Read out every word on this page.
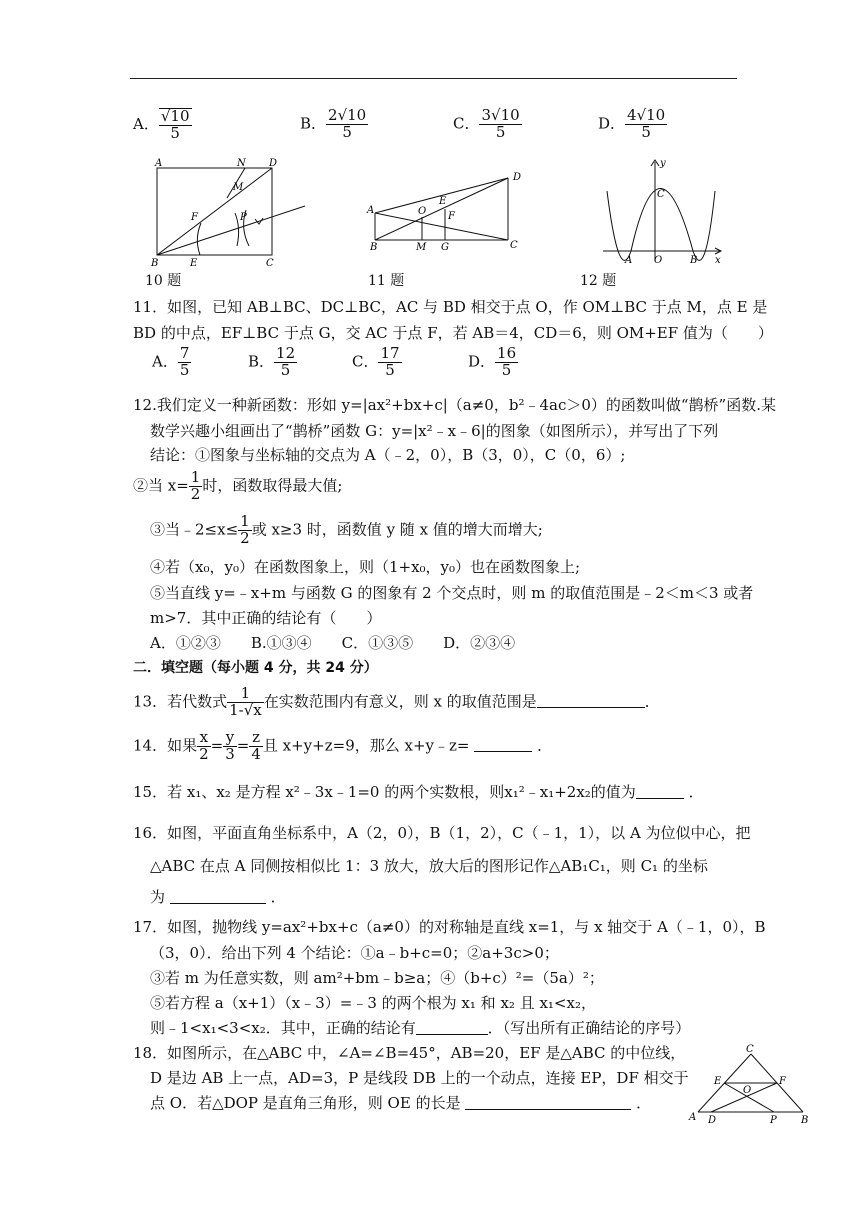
A． $\frac{√10}{5}$	B． $\frac{2√10}{5}$	C． $\frac{3√10}{5}$	D． $\frac{4√10}{5}$
A	N D
M
F	P
B	E	C
10 题
A
D
E
O F
B	M G	C
11 题
y
C
A O	B x
12 题
11．如图，已知 AB⊥BC、DC⊥BC，AC 与 BD 相交于点 O，作 OM⊥BC 于点 M，点 E 是
BD 的中点，EF⊥BC 于点 G，交 AC 于点 F，若 AB＝4，CD＝6，则 OM+EF 值为（　　）
A． $\frac{7}{5}$	B． $\frac{12}{5}$	C． $\frac{17}{5}$	D． $\frac{16}{5}$
12.我们定义一种新函数：形如 y=|ax²+bx+c|（a≠0，b²﹣4ac＞0）的函数叫做“鹊桥”函数.某
数学兴趣小组画出了“鹊桥”函数 G：y=|x²﹣x﹣6|的图象（如图所示），并写出了下列
结论：①图象与坐标轴的交点为 A（﹣2，0），B（3，0），C（0，6）;
②当 $x= \frac{1}{2}$ 时，函数取得最大值;
③当﹣2≤x≤ $\frac{1}{2}$ 或 x≥3 时，函数值 y 随 x 值的增大而增大;
④若（x₀，y₀）在函数图象上，则（1+x₀，y₀）也在函数图象上;
⑤当直线 y=﹣x+m 与函数 G 的图象有 2 个交点时，则 m 的取值范围是﹣2＜m＜3 或者
m>7．其中正确的结论有（　　）
A．①②③　　B.①③④　　C．①③⑤　　D．②③④
二．填空题（每小题 4 分，共 24 分）
13．若代数式 $\frac{1}{1-√x}$ 在实数范围内有意义，则 x 的取值范围是	．
14．如果 $\frac{x}{2} = \frac{y}{3} = \frac{z}{4}$ 且 x+y+z=9，那么 x+y﹣z=	．
15．若 x₁、x₂ 是方程 x²﹣3x﹣1=0 的两个实数根，则x₁²﹣x₁+2x₂的值为	．
16．如图，平面直角坐标系中，A（2，0），B（1，2），C（﹣1，1），以 A 为位似中心，把
△ABC 在点 A 同侧按相似比 1：3 放大，放大后的图形记作△AB₁C₁，则 C₁ 的坐标
为	．
17．如图，抛物线 y=ax²+bx+c（a≠0）的对称轴是直线 x=1，与 x 轴交于 A（﹣1，0），B
（3，0）．给出下列 4 个结论：①a﹣b+c=0；②a+3c>0；
③若 m 为任意实数，则 am²+bm﹣b≥a；④（b+c）²=（5a）²；
⑤若方程 a（x+1）（x﹣3）=﹣3 的两个根为 x₁ 和 x₂ 且 x₁<x₂，
则﹣1<x₁<3<x₂．其中，正确的结论有	．（写出所有正确结论的序号）
18．如图所示，在△ABC 中，∠A=∠B=45°，AB=20，EF 是△ABC 的中位线，
D 是边 AB 上一点，AD=3，P 是线段 DB 上的一个动点，连接 EP，DF 相交于
点 O．若△DOP 是直角三角形，则 OE 的长是	．
C
E	F
O
A D	P B
